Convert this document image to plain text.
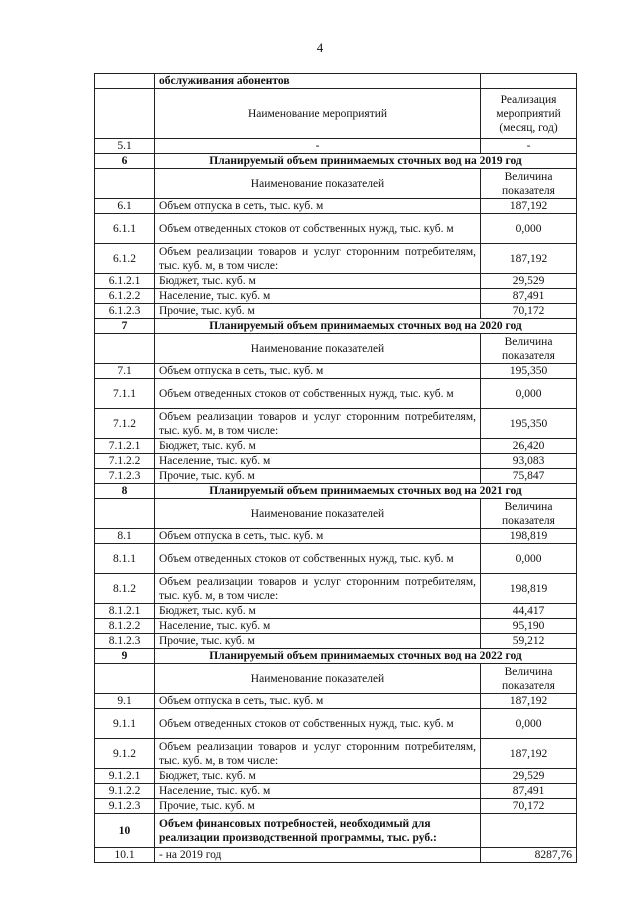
4
	обслуживания абонентов	
	Наименование мероприятий	Реализация мероприятий (месяц, год)
5.1	-	-
6	Планируемый объем принимаемых сточных вод на 2019 год	
	Наименование показателей	Величина показателя
6.1	Объем отпуска в сеть, тыс. куб. м	187,192
6.1.1	Объем отведенных стоков от собственных нужд, тыс. куб. м	0,000
6.1.2	Объем реализации товаров и услуг сторонним потребителям, тыс. куб. м, в том числе:	187,192
6.1.2.1	Бюджет, тыс. куб. м	29,529
6.1.2.2	Население, тыс. куб. м	87,491
6.1.2.3	Прочие, тыс. куб. м	70,172
7	Планируемый объем принимаемых сточных вод на 2020 год	
	Наименование показателей	Величина показателя
7.1	Объем отпуска в сеть, тыс. куб. м	195,350
7.1.1	Объем отведенных стоков от собственных нужд, тыс. куб. м	0,000
7.1.2	Объем реализации товаров и услуг сторонним потребителям, тыс. куб. м, в том числе:	195,350
7.1.2.1	Бюджет, тыс. куб. м	26,420
7.1.2.2	Население, тыс. куб. м	93,083
7.1.2.3	Прочие, тыс. куб. м	75,847
8	Планируемый объем принимаемых сточных вод на 2021 год	
	Наименование показателей	Величина показателя
8.1	Объем отпуска в сеть, тыс. куб. м	198,819
8.1.1	Объем отведенных стоков от собственных нужд, тыс. куб. м	0,000
8.1.2	Объем реализации товаров и услуг сторонним потребителям, тыс. куб. м, в том числе:	198,819
8.1.2.1	Бюджет, тыс. куб. м	44,417
8.1.2.2	Население, тыс. куб. м	95,190
8.1.2.3	Прочие, тыс. куб. м	59,212
9	Планируемый объем принимаемых сточных вод на 2022 год	
	Наименование показателей	Величина показателя
9.1	Объем отпуска в сеть, тыс. куб. м	187,192
9.1.1	Объем отведенных стоков от собственных нужд, тыс. куб. м	0,000
9.1.2	Объем реализации товаров и услуг сторонним потребителям, тыс. куб. м, в том числе:	187,192
9.1.2.1	Бюджет, тыс. куб. м	29,529
9.1.2.2	Население, тыс. куб. м	87,491
9.1.2.3	Прочие, тыс. куб. м	70,172
10	Объем финансовых потребностей, необходимый для реализации производственной программы, тыс. руб.:	
10.1	- на 2019 год	8287,76
